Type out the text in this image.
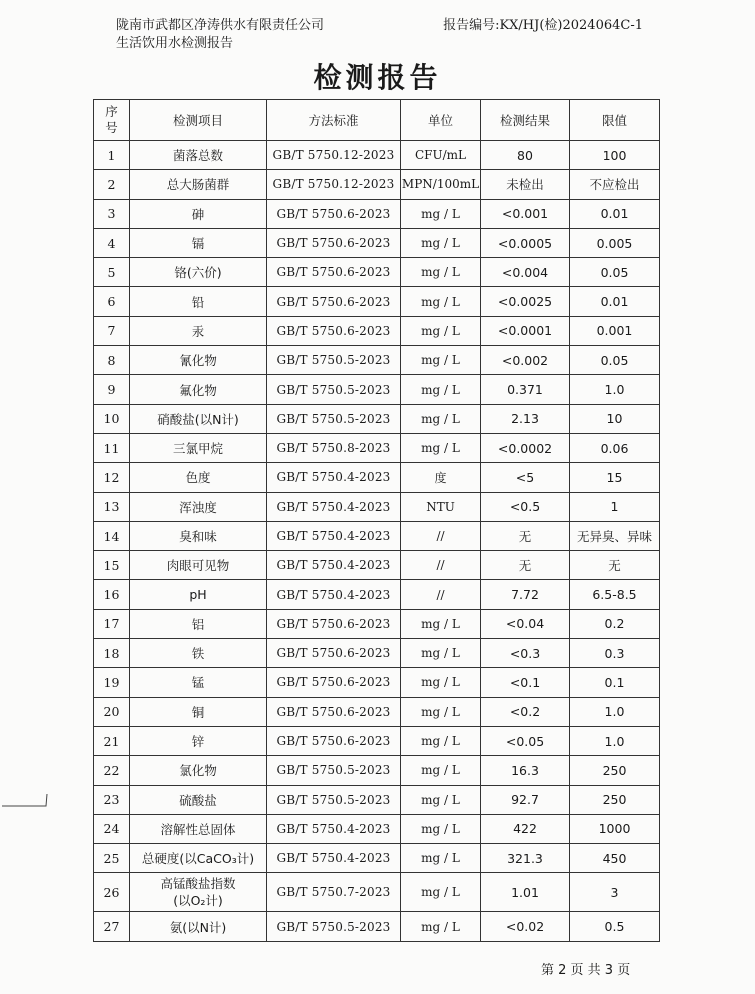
陇南市武都区净涛供水有限责任公司
生活饮用水检测报告
报告编号:KX/HJ(检)2024064C-1
检测报告
序
号	检测项目	方法标准	单位	检测结果	限值
1	菌落总数	GB/T 5750.12-2023	CFU/mL	80	100
2	总大肠菌群	GB/T 5750.12-2023	MPN/100mL	未检出	不应检出
3	砷	GB/T 5750.6-2023	mg / L	<0.001	0.01
4	镉	GB/T 5750.6-2023	mg / L	<0.0005	0.005
5	铬(六价)	GB/T 5750.6-2023	mg / L	<0.004	0.05
6	铅	GB/T 5750.6-2023	mg / L	<0.0025	0.01
7	汞	GB/T 5750.6-2023	mg / L	<0.0001	0.001
8	氰化物	GB/T 5750.5-2023	mg / L	<0.002	0.05
9	氟化物	GB/T 5750.5-2023	mg / L	0.371	1.0
10	硝酸盐(以N计)	GB/T 5750.5-2023	mg / L	2.13	10
11	三氯甲烷	GB/T 5750.8-2023	mg / L	<0.0002	0.06
12	色度	GB/T 5750.4-2023	度	<5	15
13	浑浊度	GB/T 5750.4-2023	NTU	<0.5	1
14	臭和味	GB/T 5750.4-2023	//	无	无异臭、异味
15	肉眼可见物	GB/T 5750.4-2023	//	无	无
16	pH	GB/T 5750.4-2023	//	7.72	6.5-8.5
17	铝	GB/T 5750.6-2023	mg / L	<0.04	0.2
18	铁	GB/T 5750.6-2023	mg / L	<0.3	0.3
19	锰	GB/T 5750.6-2023	mg / L	<0.1	0.1
20	铜	GB/T 5750.6-2023	mg / L	<0.2	1.0
21	锌	GB/T 5750.6-2023	mg / L	<0.05	1.0
22	氯化物	GB/T 5750.5-2023	mg / L	16.3	250
23	硫酸盐	GB/T 5750.5-2023	mg / L	92.7	250
24	溶解性总固体	GB/T 5750.4-2023	mg / L	422	1000
25	总硬度(以CaCO₃计)	GB/T 5750.4-2023	mg / L	321.3	450
26	高锰酸盐指数
(以O₂计)	GB/T 5750.7-2023	mg / L	1.01	3
27	氨(以N计)	GB/T 5750.5-2023	mg / L	<0.02	0.5
第 2 页 共 3 页
